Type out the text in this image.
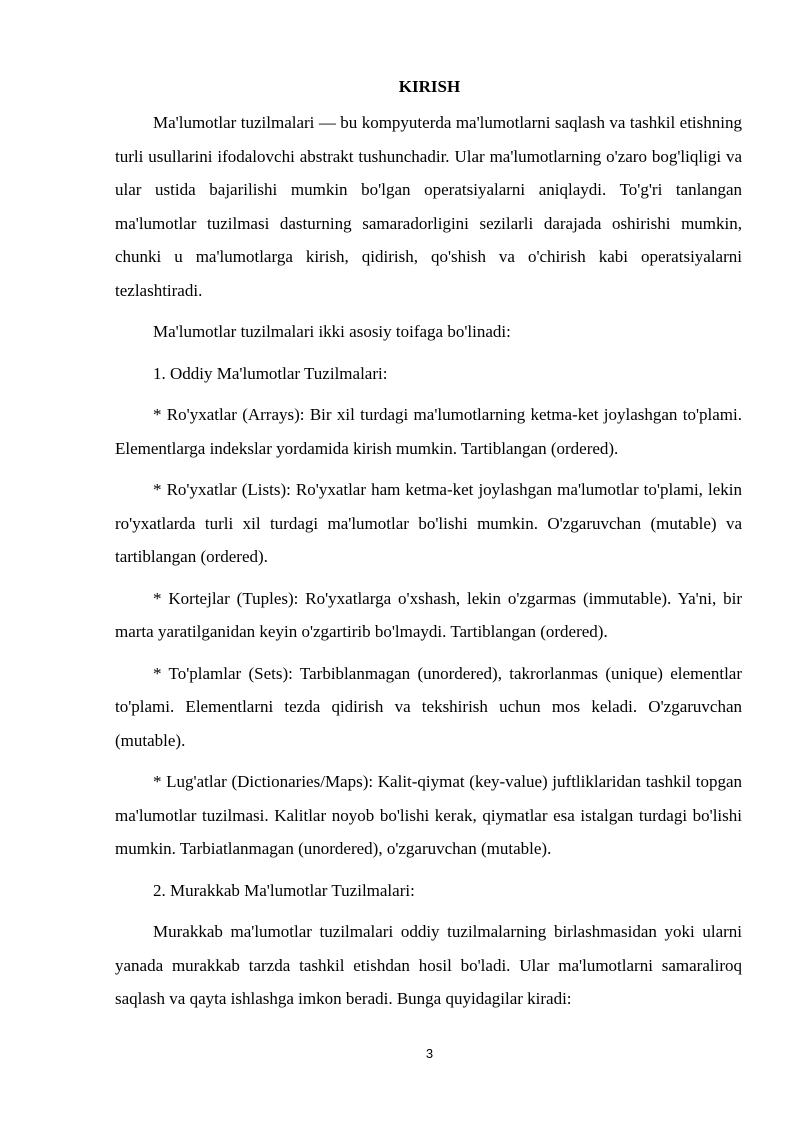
KIRISH

Ma'lumotlar tuzilmalari — bu kompyuterda ma'lumotlarni saqlash va tashkil etishning turli usullarini ifodalovchi abstrakt tushunchadir. Ular ma'lumotlarning o'zaro bog'liqligi va ular ustida bajarilishi mumkin bo'lgan operatsiyalarni aniqlaydi. To'g'ri tanlangan ma'lumotlar tuzilmasi dasturning samaradorligini sezilarli darajada oshirishi mumkin, chunki u ma'lumotlarga kirish, qidirish, qo'shish va o'chirish kabi operatsiyalarni tezlashtiradi.

Ma'lumotlar tuzilmalari ikki asosiy toifaga bo'linadi:

1. Oddiy Ma'lumotlar Tuzilmalari:

* Ro'yxatlar (Arrays): Bir xil turdagi ma'lumotlarning ketma-ket joylashgan to'plami. Elementlarga indekslar yordamida kirish mumkin. Tartiblangan (ordered).

* Ro'yxatlar (Lists): Ro'yxatlar ham ketma-ket joylashgan ma'lumotlar to'plami, lekin ro'yxatlarda turli xil turdagi ma'lumotlar bo'lishi mumkin. O'zgaruvchan (mutable) va tartiblangan (ordered).

* Kortejlar (Tuples): Ro'yxatlarga o'xshash, lekin o'zgarmas (immutable). Ya'ni, bir marta yaratilganidan keyin o'zgartirib bo'lmaydi. Tartiblangan (ordered).

* To'plamlar (Sets): Tarbiblanmagan (unordered), takrorlanmas (unique) elementlar to'plami. Elementlarni tezda qidirish va tekshirish uchun mos keladi. O'zgaruvchan (mutable).

* Lug'atlar (Dictionaries/Maps): Kalit-qiymat (key-value) juftliklaridan tashkil topgan ma'lumotlar tuzilmasi. Kalitlar noyob bo'lishi kerak, qiymatlar esa istalgan turdagi bo'lishi mumkin. Tarbiatlanmagan (unordered), o'zgaruvchan (mutable).

2. Murakkab Ma'lumotlar Tuzilmalari:

Murakkab ma'lumotlar tuzilmalari oddiy tuzilmalarning birlashmasidan yoki ularni yanada murakkab tarzda tashkil etishdan hosil bo'ladi. Ular ma'lumotlarni samaraliroq saqlash va qayta ishlashga imkon beradi. Bunga quyidagilar kiradi:

3
